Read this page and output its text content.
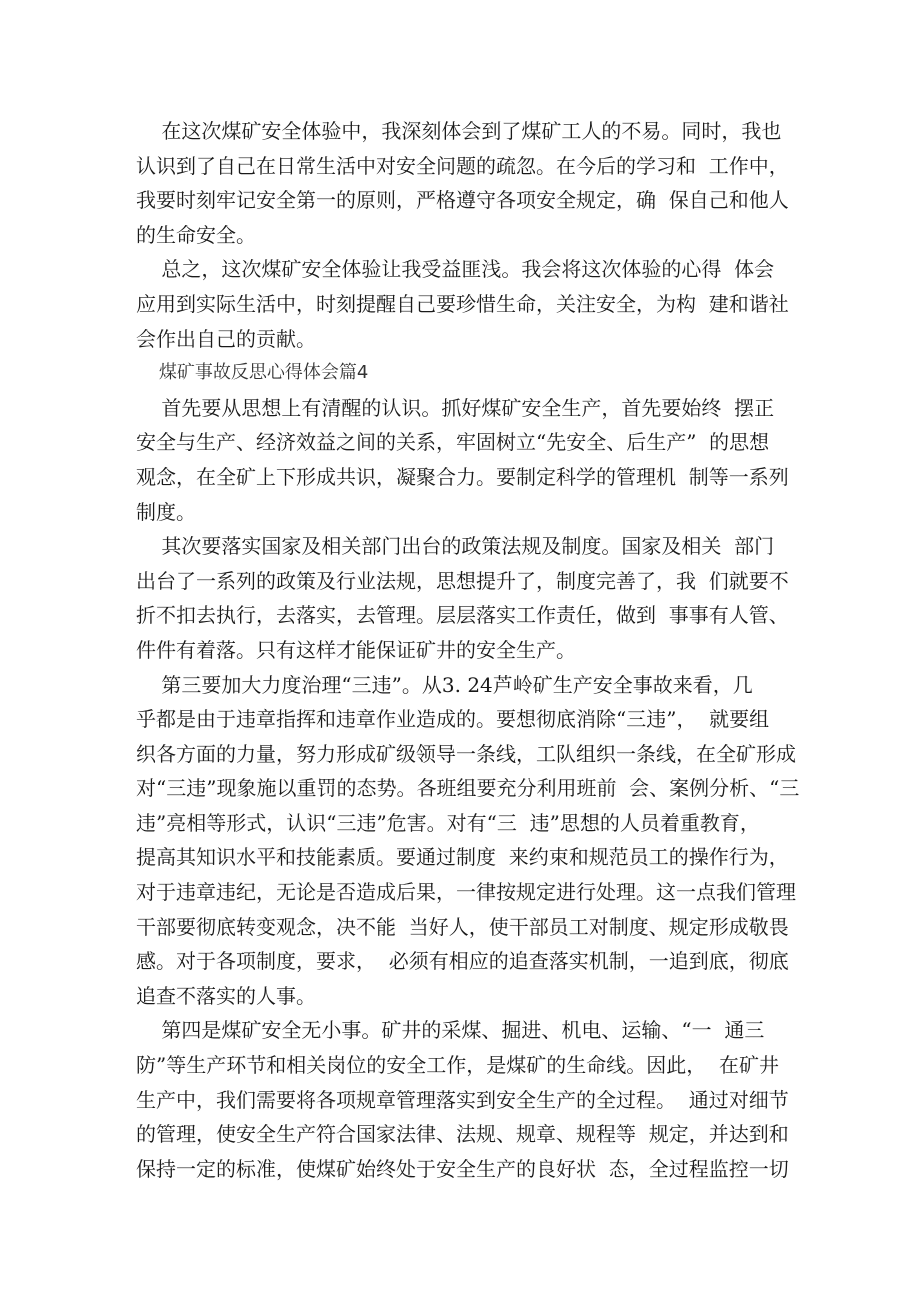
在这次煤矿安全体验中，我深刻体会到了煤矿工人的不易。同时，我也
认识到了自己在日常生活中对安全问题的疏忽。在今后的学习和  工作中，
我要时刻牢记安全第一的原则，严格遵守各项安全规定，确  保自己和他人
的生命安全。
总之，这次煤矿安全体验让我受益匪浅。我会将这次体验的心得  体会
应用到实际生活中，时刻提醒自己要珍惜生命，关注安全，为构  建和谐社
会作出自己的贡献。
煤矿事故反思心得体会篇4
首先要从思想上有清醒的认识。抓好煤矿安全生产，首先要始终  摆正
安全与生产、经济效益之间的关系，牢固树立“先安全、后生产”  的思想
观念，在全矿上下形成共识，凝聚合力。要制定科学的管理机  制等一系列
制度。
其次要落实国家及相关部门出台的政策法规及制度。国家及相关  部门
出台了一系列的政策及行业法规，思想提升了，制度完善了，我  们就要不
折不扣去执行，去落实，去管理。层层落实工作责任，做到  事事有人管、
件件有着落。只有这样才能保证矿井的安全生产。
第三要加大力度治理“三违”。从3. 24芦岭矿生产安全事故来看，几
乎都是由于违章指挥和违章作业造成的。要想彻底消除“三违”，  就要组
织各方面的力量，努力形成矿级领导一条线，工队组织一条线，在全矿形成
对“三违”现象施以重罚的态势。各班组要充分利用班前  会、案例分析、“三
违”亮相等形式，认识“三违”危害。对有“三  违”思想的人员着重教育，
提高其知识水平和技能素质。要通过制度  来约束和规范员工的操作行为，
对于违章违纪，无论是否造成后果，一律按规定进行处理。这一点我们管理
干部要彻底转变观念，决不能  当好人，使干部员工对制度、规定形成敬畏
感。对于各项制度，要求，  必须有相应的追查落实机制，一追到底，彻底
追查不落实的人事。
第四是煤矿安全无小事。矿井的采煤、掘进、机电、运输、“一  通三
防”等生产环节和相关岗位的安全工作，是煤矿的生命线。因此，  在矿井
生产中，我们需要将各项规章管理落实到安全生产的全过程。  通过对细节
的管理，使安全生产符合国家法律、法规、规章、规程等  规定，并达到和
保持一定的标准，使煤矿始终处于安全生产的良好状  态，全过程监控一切
